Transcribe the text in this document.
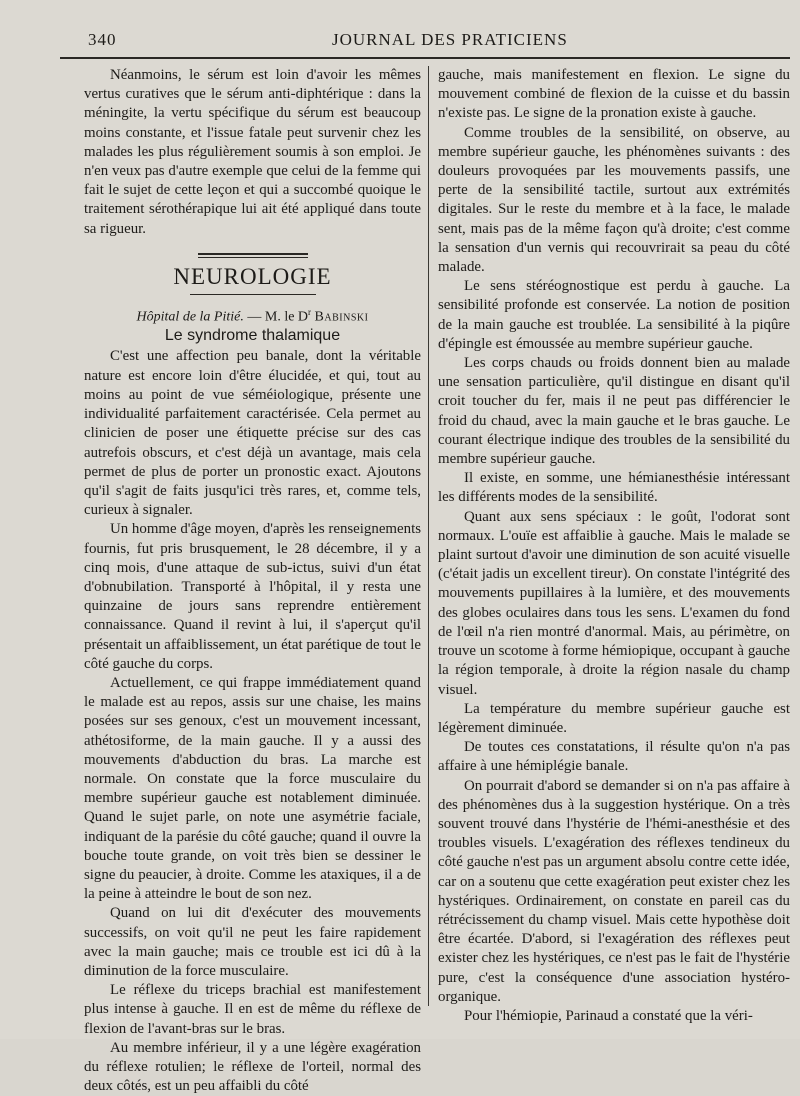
340	JOURNAL DES PRATICIENS

Néanmoins, le sérum est loin d'avoir les mêmes vertus curatives que le sérum anti-diphtérique : dans la méningite, la vertu spécifique du sérum est beaucoup moins constante, et l'issue fatale peut survenir chez les malades les plus régulièrement soumis à son emploi. Je n'en veux pas d'autre exemple que celui de la femme qui fait le sujet de cette leçon et qui a succombé quoique le traitement sérothérapique lui ait été appliqué dans toute sa rigueur.

NEUROLOGIE
Hôpital de la Pitié. — M. le $D^r$ Babinski
Le syndrome thalamique

C'est une affection peu banale, dont la véritable nature est encore loin d'être élucidée, et qui, tout au moins au point de vue séméiologique, présente une individualité parfaitement caractérisée. Cela permet au clinicien de poser une étiquette précise sur des cas autrefois obscurs, et c'est déjà un avantage, mais cela permet de plus de porter un pronostic exact. Ajoutons qu'il s'agit de faits jusqu'ici très rares, et, comme tels, curieux à signaler.

Un homme d'âge moyen, d'après les renseignements fournis, fut pris brusquement, le 28 décembre, il y a cinq mois, d'une attaque de sub-ictus, suivi d'un état d'obnubilation. Transporté à l'hôpital, il y resta une quinzaine de jours sans reprendre entièrement connaissance. Quand il revint à lui, il s'aperçut qu'il présentait un affaiblissement, un état parétique de tout le côté gauche du corps.

Actuellement, ce qui frappe immédiatement quand le malade est au repos, assis sur une chaise, les mains posées sur ses genoux, c'est un mouvement incessant, athétosiforme, de la main gauche. Il y a aussi des mouvements d'abduction du bras. La marche est normale. On constate que la force musculaire du membre supérieur gauche est notablement diminuée. Quand le sujet parle, on note une asymétrie faciale, indiquant de la parésie du côté gauche; quand il ouvre la bouche toute grande, on voit très bien se dessiner le signe du peaucier, à droite. Comme les ataxiques, il a de la peine à atteindre le bout de son nez.

Quand on lui dit d'exécuter des mouvements successifs, on voit qu'il ne peut les faire rapidement avec la main gauche; mais ce trouble est ici dû à la diminution de la force musculaire.

Le réflexe du triceps brachial est manifestement plus intense à gauche. Il en est de même du réflexe de flexion de l'avant-bras sur le bras.

Au membre inférieur, il y a une légère exagération du réflexe rotulien; le réflexe de l'orteil, normal des deux côtés, est un peu affaibli du côté

gauche, mais manifestement en flexion. Le signe du mouvement combiné de flexion de la cuisse et du bassin n'existe pas. Le signe de la pronation existe à gauche.

Comme troubles de la sensibilité, on observe, au membre supérieur gauche, les phénomènes suivants : des douleurs provoquées par les mouvements passifs, une perte de la sensibilité tactile, surtout aux extrémités digitales. Sur le reste du membre et à la face, le malade sent, mais pas de la même façon qu'à droite; c'est comme la sensation d'un vernis qui recouvrirait sa peau du côté malade.

Le sens stéréognostique est perdu à gauche. La sensibilité profonde est conservée. La notion de position de la main gauche est troublée. La sensibilité à la piqûre d'épingle est émoussée au membre supérieur gauche.

Les corps chauds ou froids donnent bien au malade une sensation particulière, qu'il distingue en disant qu'il croit toucher du fer, mais il ne peut pas différencier le froid du chaud, avec la main gauche et le bras gauche. Le courant électrique indique des troubles de la sensibilité du membre supérieur gauche.

Il existe, en somme, une hémianesthésie intéressant les différents modes de la sensibilité.

Quant aux sens spéciaux : le goût, l'odorat sont normaux. L'ouïe est affaiblie à gauche. Mais le malade se plaint surtout d'avoir une diminution de son acuité visuelle (c'était jadis un excellent tireur). On constate l'intégrité des mouvements pupillaires à la lumière, et des mouvements des globes oculaires dans tous les sens. L'examen du fond de l'œil n'a rien montré d'anormal. Mais, au périmètre, on trouve un scotome à forme hémiopique, occupant à gauche la région temporale, à droite la région nasale du champ visuel.

La température du membre supérieur gauche est légèrement diminuée.

De toutes ces constatations, il résulte qu'on n'a pas affaire à une hémiplégie banale.

On pourrait d'abord se demander si on n'a pas affaire à des phénomènes dus à la suggestion hystérique. On a très souvent trouvé dans l'hystérie de l'hémi-anesthésie et des troubles visuels. L'exagération des réflexes tendineux du côté gauche n'est pas un argument absolu contre cette idée, car on a soutenu que cette exagération peut exister chez les hystériques. Ordinairement, on constate en pareil cas du rétrécissement du champ visuel. Mais cette hypothèse doit être écartée. D'abord, si l'exagération des réflexes peut exister chez les hystériques, ce n'est pas le fait de l'hystérie pure, c'est la conséquence d'une association hystéro-organique.

Pour l'hémiopie, Parinaud a constaté que la véri-
